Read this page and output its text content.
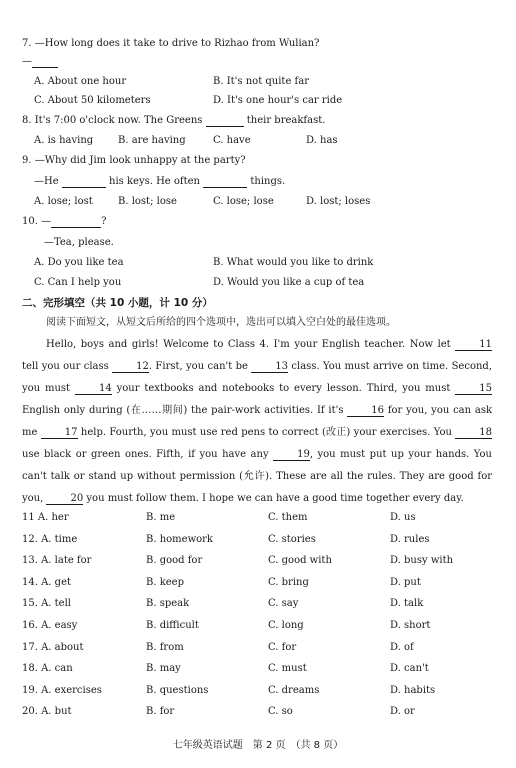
7. —How long does it take to drive to Rizhao from Wulian?
—
A. About one hour	B. It's not quite far
C. About 50 kilometers	D. It's one hour's car ride
8. It's 7:00 o'clock now. The Greens	their breakfast.
A. is having B. are having	C. have	D. has
9. —Why did Jim look unhappy at the party?
—He	his keys. He often	things.
A. lose; lost	B. lost; lose	C. lose; lose	D. lost; loses
10. —	?
—Tea, please.
A. Do you like tea	B. What would you like to drink
C. Can I help you	D. Would you like a cup of tea
二、完形填空（共 10 小题，计 10 分）
阅读下面短文，从短文后所给的四个选项中，选出可以填入空白处的最佳选项。

Hello, boys and girls! Welcome to Class 4. I'm your English teacher. Now let	11 tell you our class	12. First, you can't be	13 class. You must arrive on time. Second, you must	14 your textbooks and notebooks to every lesson. Third, you must	15 English only during (在……期间) the pair-work activities. If it's	16 for you, you can ask me	17 help. Fourth, you must use red pens to correct (改正) your exercises. You	18 use black or green ones. Fifth, if you have any	19, you must put up your hands. You can't talk or stand up without permission (允许). These are all the rules. They are good for you,	20 you must follow them. I hope we can have a good time together every day.

11 A. her	B. me	C. them	D. us
12. A. time	B. homework	C. stories	D. rules
13. A. late for	B. good for	C. good with	D. busy with
14. A. get	B. keep	C. bring	D. put
15. A. tell	B. speak	C. say	D. talk
16. A. easy	B. difficult	C. long	D. short
17. A. about	B. from	C. for	D. of
18. A. can	B. may	C. must	D. can't
19. A. exercises	B. questions	C. dreams	D. habits
20. A. but	B. for	C. so	D. or
七年级英语试题　第 2 页　（共 8 页）
